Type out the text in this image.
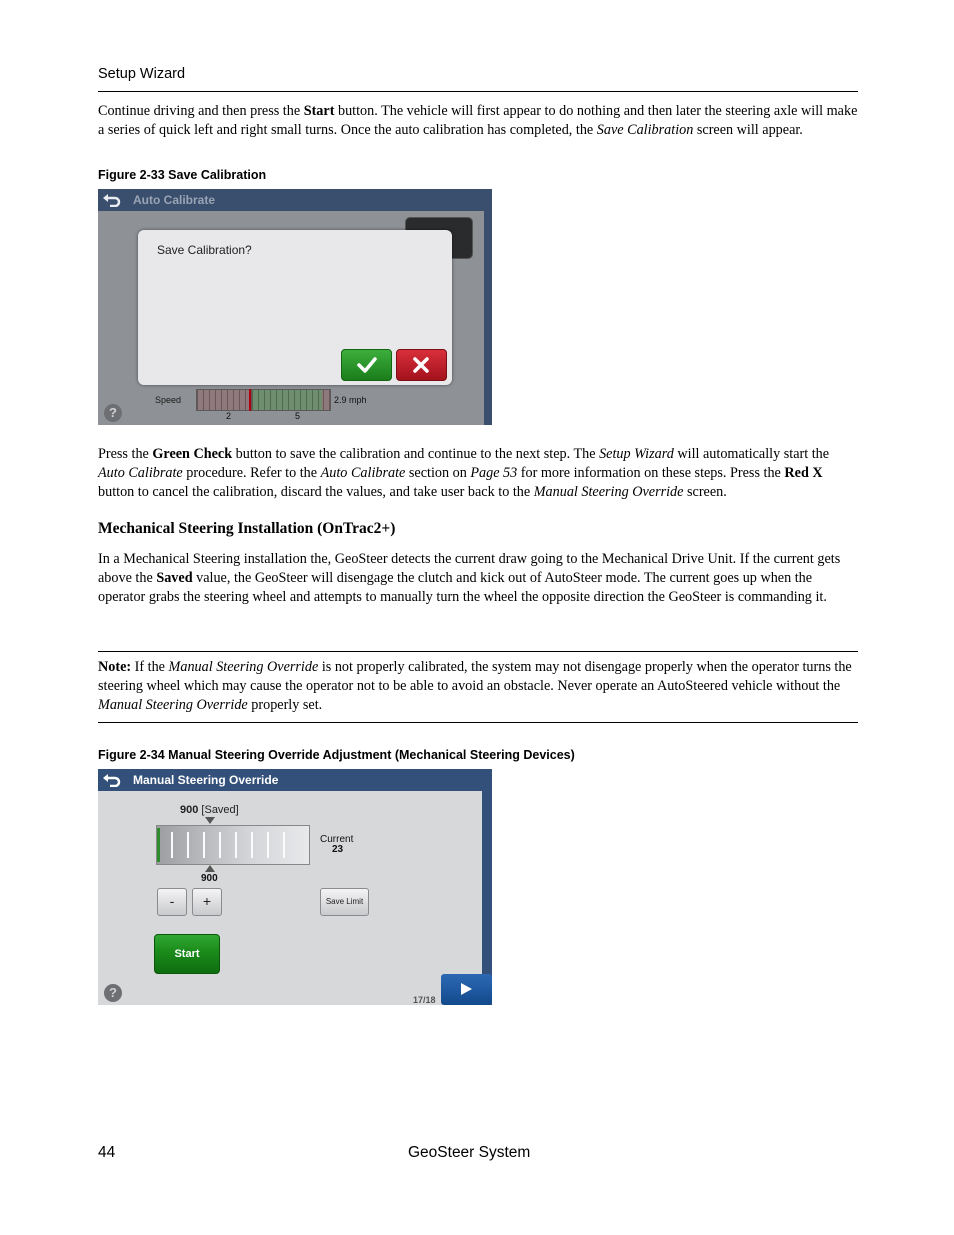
Setup Wizard
Continue driving and then press the Start button. The vehicle will first appear to do nothing and then later the steering axle will make a series of quick left and right small turns. Once the auto calibration has completed, the Save Calibration screen will appear.
Figure 2-33 Save Calibration
Auto Calibrate
Save Calibration?
?
Speed
2	5
2.9 mph
Press the Green Check button to save the calibration and continue to the next step. The Setup Wizard will automatically start the Auto Calibrate procedure. Refer to the Auto Calibrate section on Page 53 for more information on these steps. Press the Red X button to cancel the calibration, discard the values, and take user back to the Manual Steering Override screen.
Mechanical Steering Installation (OnTrac2+)
In a Mechanical Steering installation the, GeoSteer detects the current draw going to the Mechanical Drive Unit. If the current gets above the Saved value, the GeoSteer will disengage the clutch and kick out of AutoSteer mode. The current goes up when the operator grabs the steering wheel and attempts to manually turn the wheel the opposite direction the GeoSteer is commanding it.
Note: If the Manual Steering Override is not properly calibrated, the system may not disengage properly when the operator turns the steering wheel which may cause the operator not to be able to avoid an obstacle. Never operate an AutoSteered vehicle without the Manual Steering Override properly set.
Figure 2-34 Manual Steering Override Adjustment (Mechanical Steering Devices)
Manual Steering Override
900 [Saved]
900
Current
23
-	+	Save Limit
Start
?	17/18
44	GeoSteer System
